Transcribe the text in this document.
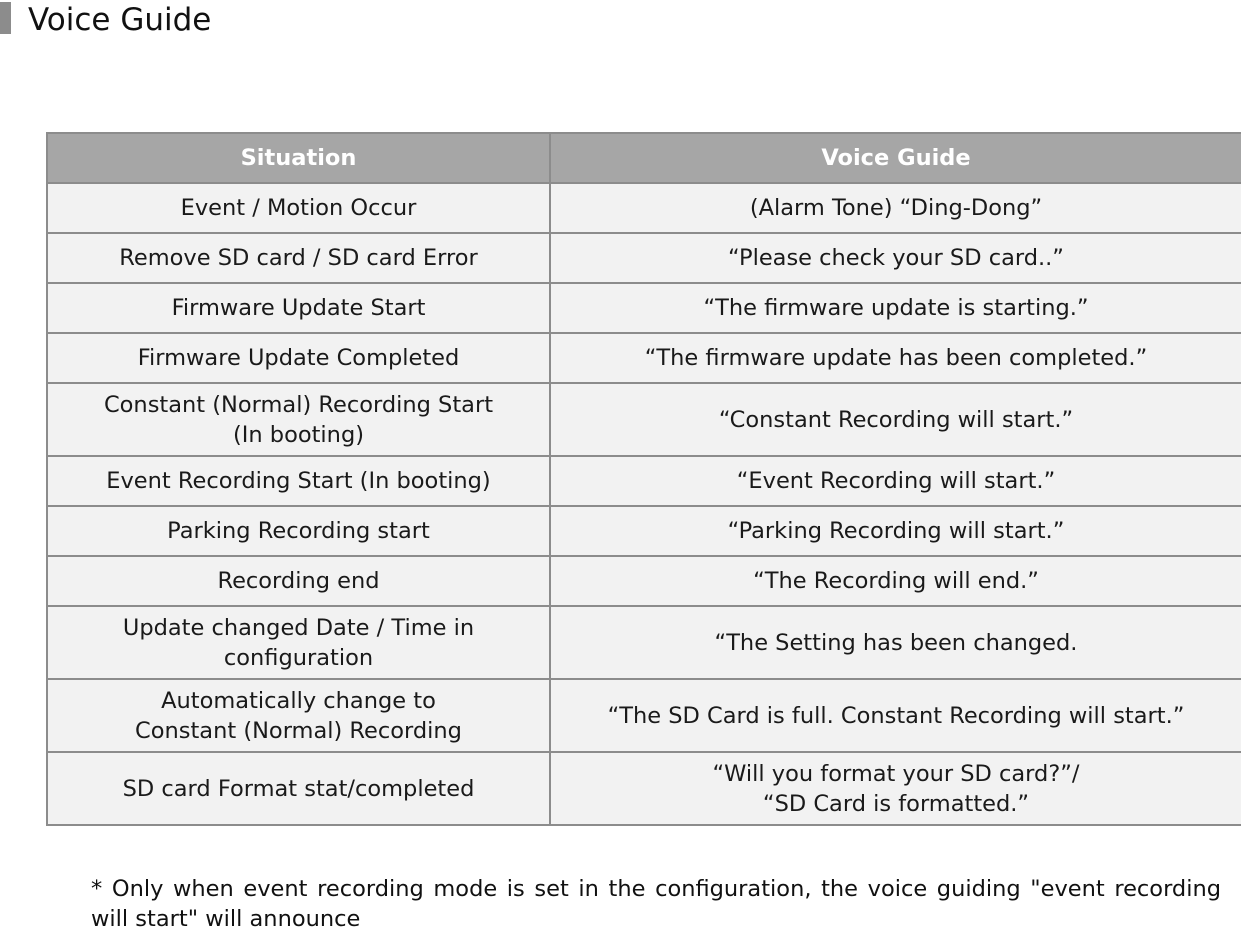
Voice Guide
Situation	Voice Guide

Event / Motion Occur	(Alarm Tone) “Ding-Dong”

Remove SD card / SD card Error	“Please check your SD card..”

Firmware Update Start	“The firmware update is starting.”

Firmware Update Completed	“The firmware update has been completed.”

Constant (Normal) Recording Start
(In booting)	“Constant Recording will start.”

Event Recording Start (In booting)	“Event Recording will start.”

Parking Recording start	“Parking Recording will start.”

Recording end	“The Recording will end.”

Update changed Date / Time in
configuration	“The Setting has been changed.

Automatically change to
Constant (Normal) Recording	“The SD Card is full. Constant Recording will start.”

SD card Format stat/completed	“Will you format your SD card?”/
“SD Card is formatted.”
* Only when event recording mode is set in the configuration, the voice guiding "event recording will start" will announce
